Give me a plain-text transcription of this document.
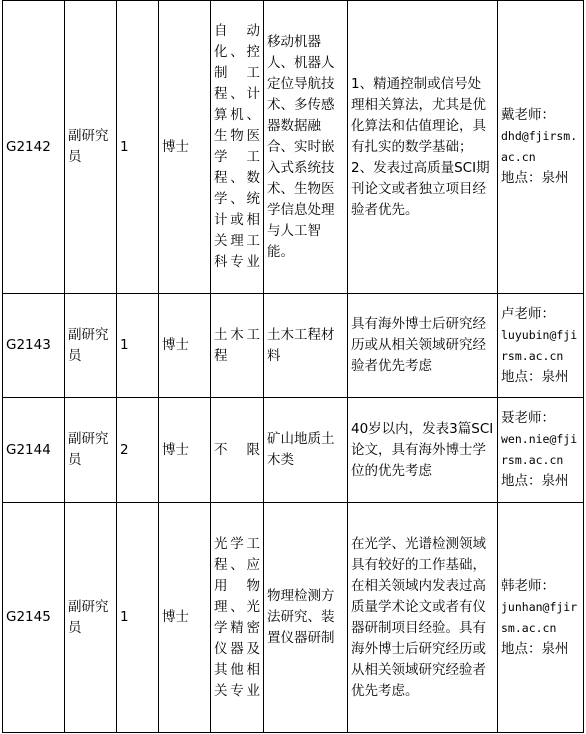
G2142	副研究员	1	博士	自动化、控制工程、计算机、生物医学工程、数学、统计或相关理工科专业	移动机器人、机器人定位导航技术、多传感器数据融合、实时嵌入式系统技术、生物医学信息处理与人工智能。	1、精通控制或信号处理相关算法，尤其是优化算法和估值理论，具有扎实的数学基础；2、发表过高质量SCI期刊论文或者独立项目经验者优先。	戴老师：
dhd@fjirsm.ac.cn
地点：泉州

G2143	副研究员	1	博士	土木工程	土木工程材料	具有海外博士后研究经历或从相关领域研究经验者优先考虑	卢老师：
luyubin@fjirsm.ac.cn
地点：泉州

G2144	副研究员	2	博士	不限	矿山地质土木类	40岁以内，发表3篇SCI论文，具有海外博士学位的优先考虑	聂老师：
wen.nie@fjirsm.ac.cn
地点：泉州

G2145	副研究员	1	博士	光学工程、应用物理、光学精密仪器及其他相关专业	物理检测方法研究、装置仪器研制	在光学、光谱检测领域具有较好的工作基础，在相关领域内发表过高质量学术论文或者有仪器研制项目经验。具有海外博士后研究经历或从相关领域研究经验者优先考虑。	韩老师：
junhan@fjirsm.ac.cn
地点：泉州
